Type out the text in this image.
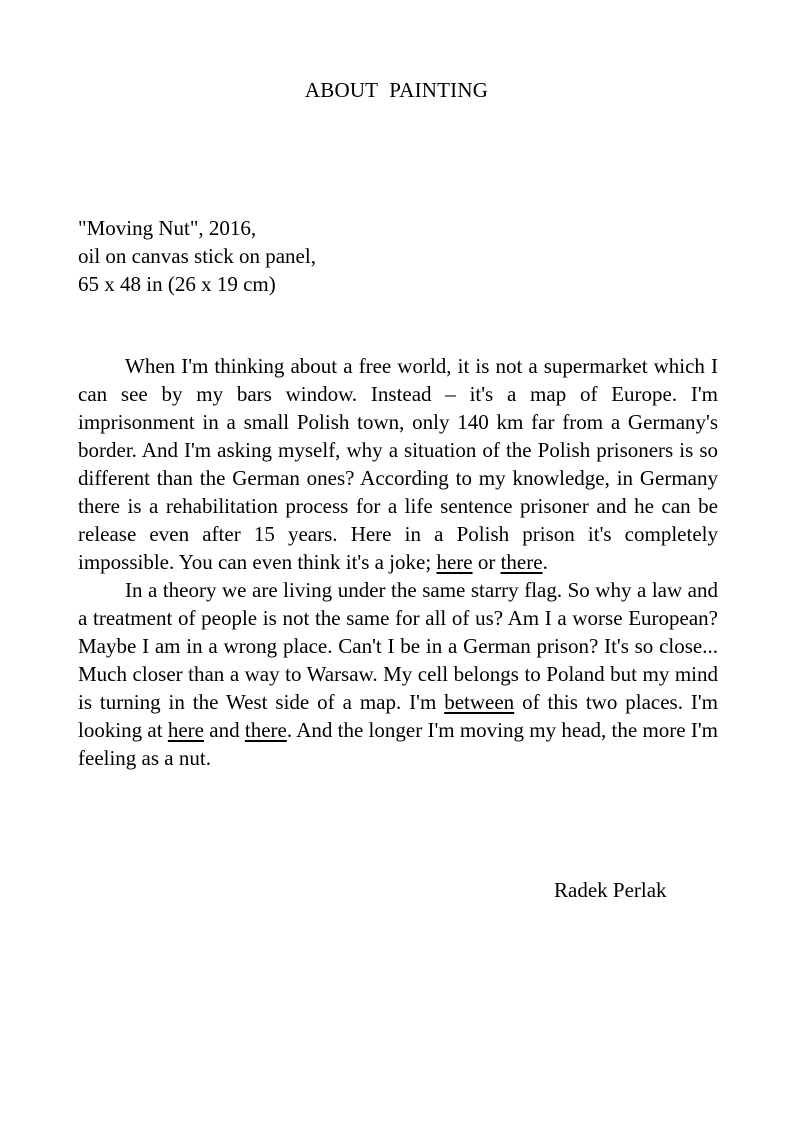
ABOUT PAINTING
"Moving Nut", 2016,
oil on canvas stick on panel,
65 x 48 in (26 x 19 cm)

When I'm thinking about a free world, it is not a supermarket which I can see by my bars window. Instead – it's a map of Europe. I'm imprisonment in a small Polish town, only 140 km far from a Germany's border. And I'm asking myself, why a situation of the Polish prisoners is so different than the German ones? According to my knowledge, in Germany there is a rehabilitation process for a life sentence prisoner and he can be release even after 15 years. Here in a Polish prison it's completely impossible. You can even think it's a joke; here or there.

In a theory we are living under the same starry flag. So why a law and a treatment of people is not the same for all of us? Am I a worse European? Maybe I am in a wrong place. Can't I be in a German prison? It's so close... Much closer than a way to Warsaw. My cell belongs to Poland but my mind is turning in the West side of a map. I'm between of this two places. I'm looking at here and there. And the longer I'm moving my head, the more I'm feeling as a nut.

Radek Perlak
